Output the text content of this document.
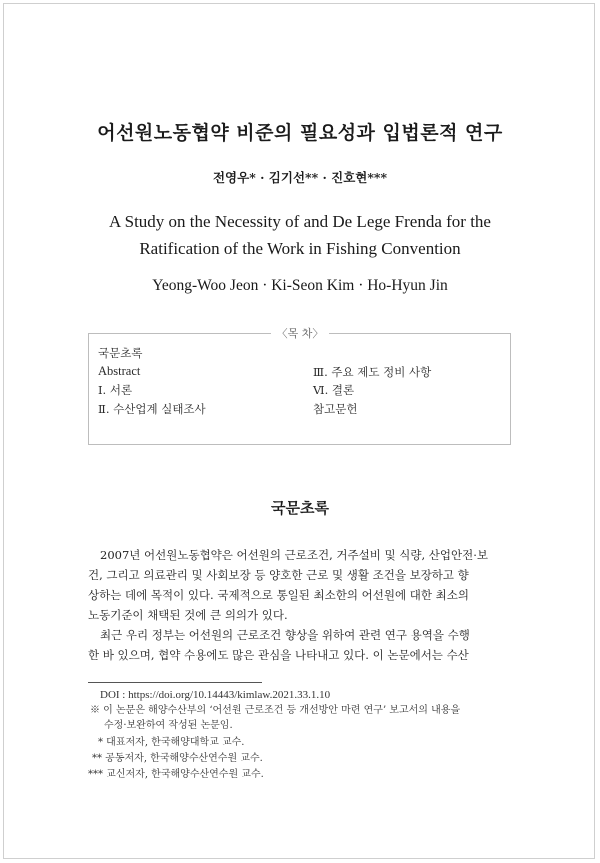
어선원노동협약 비준의 필요성과 입법론적 연구
전영우* · 김기선** · 진호현***
A Study on the Necessity of and De Lege Frenda for the
Ratification of the Work in Fishing Convention
Yeong-Woo Jeon · Ki-Seon Kim · Ho-Hyun Jin
〈목 차〉
국문초록
Abstract
Ⅰ. 서론
Ⅱ. 수산업계 실태조사
Ⅲ. 주요 제도 정비 사항
Ⅵ. 결론
참고문헌
국문초록
2007년 어선원노동협약은 어선원의 근로조건, 거주설비 및 식량, 산업안전·보
건, 그리고 의료관리 및 사회보장 등 양호한 근로 및 생활 조건을 보장하고 향
상하는 데에 목적이 있다. 국제적으로 통일된 최소한의 어선원에 대한 최소의
노동기준이 채택된 것에 큰 의의가 있다.
최근 우리 정부는 어선원의 근로조건 향상을 위하여 관련 연구 용역을 수행
한 바 있으며, 협약 수용에도 많은 관심을 나타내고 있다. 이 논문에서는 수산
DOI : https://doi.org/10.14443/kimlaw.2021.33.1.10
※ 이 논문은 해양수산부의 ‘어선원 근로조건 등 개선방안 마련 연구’ 보고서의 내용을
수정·보완하여 작성된 논문임.
* 대표저자, 한국해양대학교 교수.
** 공동저자, 한국해양수산연수원 교수.
*** 교신저자, 한국해양수산연수원 교수.
